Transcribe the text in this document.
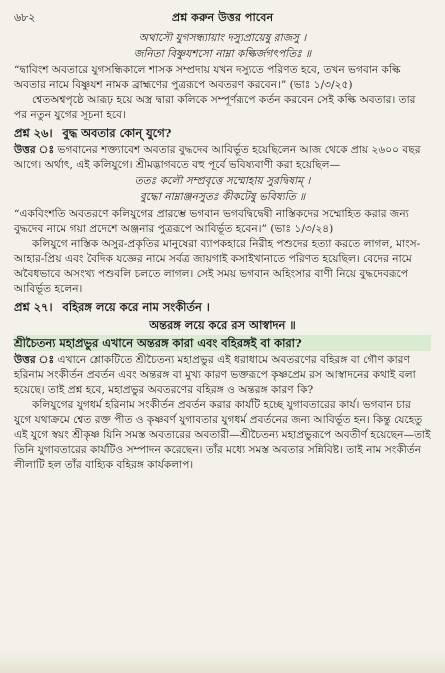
৬৮২	প্রশ্ন করুন উত্তর পাবেন
অথাসৌ যুগসন্ধ্যায়াং দস্যুপ্রায়েষু রাজসু ।
জনিতা বিষ্ণুযশসো নাম্না কল্কির্জগৎপতিঃ ॥

“দ্বাবিংশ অবতারে যুগসন্ধিকালে শাসক সম্প্রদায় যখন দস্যুতে পরিণত হবে, তখন ভগবান কল্কি অবতার নামে বিষ্ণুযশ নামক ব্রাহ্মণের পুত্ররূপে অবতরণ করবেন।” (ভাঃ ১/৩/২৫)

শ্বেতঅশ্বপৃষ্ঠে আরূঢ় হয়ে অস্ত্র দ্বারা কলিকে সম্পূর্ণরূপে কর্তন করবেন সেই কল্কি অবতার। তার পর নতুন যুগের সূচনা হবে।

প্রশ্ন ২৬। বুদ্ধ অবতার কোন্ যুগে?

উত্তর ঃ ভগবানের শক্ত্যাবেশ অবতার বুদ্ধদেব আবির্ভূত হয়েছিলেন আজ থেকে প্রায় ২৬০০ বছর আগে। অর্থাৎ, এই কলিযুগে। শ্রীমদ্ভাগবতে বহু পূর্বে ভবিষ্যবাণী করা হয়েছিল—

ততঃ কলৌ সম্প্রবৃত্তে সম্মোহায় সুরদ্বিষাম্ ।
বুদ্ধো নাম্নাঞ্জনসুতঃ কীকটেষু ভবিষ্যতি ॥

“একবিংশতি অবতরণে কলিযুগের প্রারম্ভে ভগবান ভগবদ্বিদ্বেষী নাস্তিকদের সম্মোহিত করার জন্য বুদ্ধদেব নামে গয়া প্রদেশে অঞ্জনার পুত্ররূপে আবির্ভূত হবেন।” (ভাঃ ১/৩/২৪)

কলিযুগে নাস্তিক অসুর-প্রকৃতির মানুষেরা ব্যাপকহারে নিরীহ পশুদের হত্যা করতে লাগল, মাংস-আহার-প্রিয় এবং বৈদিক যজ্ঞের নামে সর্বত্র জায়গাই কসাইখানাতে পরিণত হয়েছিল। বেদের নামে অবৈধভাবে অসংখ্য পশুবলি চলতে লাগল। সেই সময় ভগবান অহিংসার বাণী নিয়ে বুদ্ধদেবরূপে আবির্ভূত হলেন।

প্রশ্ন ২৭। বহিরঙ্গ লয়ে করে নাম সংকীর্তন ।
অন্তরঙ্গ লয়ে করে রস আস্বাদন ॥
শ্রীচৈতন্য মহাপ্রভুর এখানে অন্তরঙ্গ কারা এবং বহিরঙ্গই বা কারা?

উত্তর ঃ এখানে শ্লোকটিতে শ্রীচৈতন্য মহাপ্রভুর এই ধরাধামে অবতরণের বহিরঙ্গ বা গৌণ কারণ হরিনাম সংকীর্তন প্রবর্তন এবং অন্তরঙ্গ বা মুখ্য কারণ ভক্তরূপে কৃষ্ণপ্রেম রস আস্বাদনের কথাই বলা হয়েছে। তাই প্রশ্ন হবে, মহাপ্রভুর অবতরণের বহিরঙ্গ ও অন্তরঙ্গ কারণ কি?

কলিযুগের যুগধর্ম হরিনাম সংকীর্তন প্রবর্তন করার কার্যটি হচ্ছে যুগাবতারের কার্য। ভগবান চার যুগে যথাক্রমে শ্বেত রক্ত পীত ও কৃষ্ণবর্ণ যুগাবতার যুগধর্ম প্রবর্তনের জন্য আবির্ভূত হন। কিন্তু যেহেতু এই যুগে স্বয়ং শ্রীকৃষ্ণ যিনি সমস্ত অবতারের অবতারী—শ্রীচৈতন্য মহাপ্রভুরূপে অবতীর্ণ হয়েছেন—তাই তিনি যুগাবতারের কার্যটিও সম্পাদন করেছেন। তাঁর মধ্যে সমস্ত অবতার সন্নিবিষ্ট। তাই নাম সংকীর্তন লীলাটি হল তাঁর বাহ্যিক বহিরঙ্গ কার্যকলাপ।
